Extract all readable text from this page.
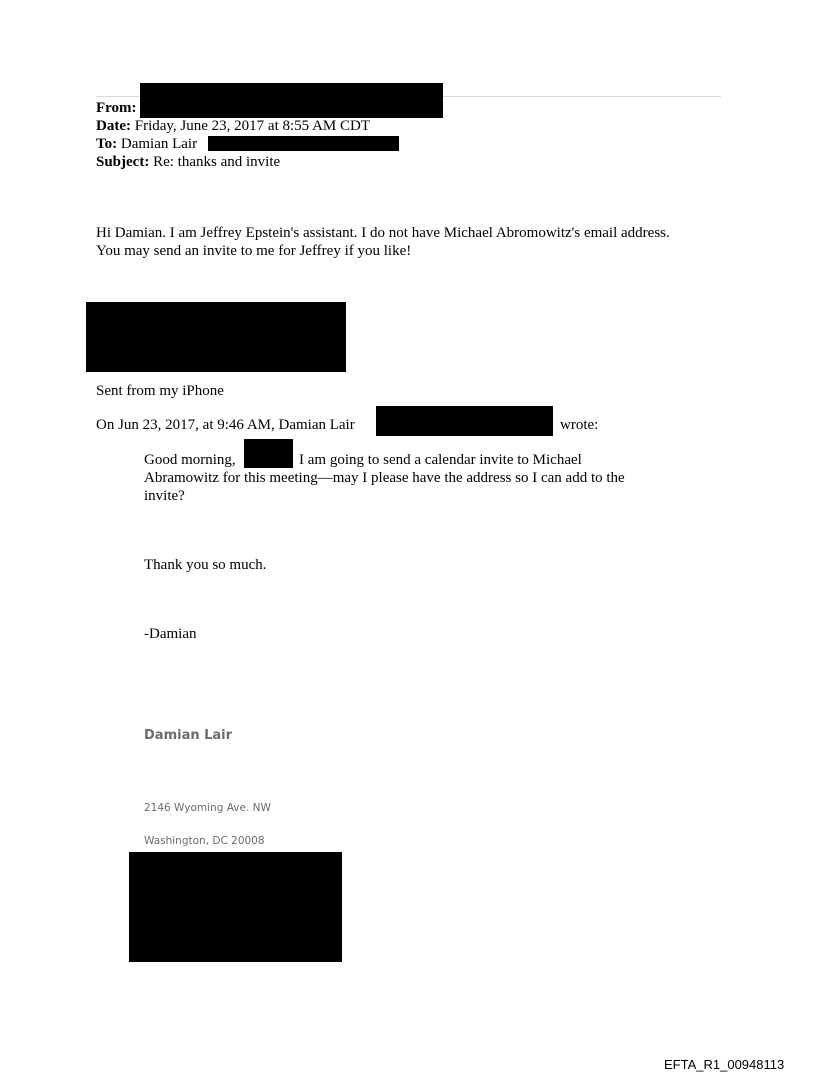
From:
Date: Friday, June 23, 2017 at 8:55 AM CDT
To: Damian Lair
Subject: Re: thanks and invite
Hi Damian. I am Jeffrey Epstein's assistant. I do not have Michael Abromowitz's email address.
You may send an invite to me for Jeffrey if you like!
Sent from my iPhone
On Jun 23, 2017, at 9:46 AM, Damian Lair	wrote:
Good morning,	I am going to send a calendar invite to Michael
Abramowitz for this meeting—may I please have the address so I can add to the
invite?
Thank you so much.
-Damian
Damian Lair
2146 Wyoming Ave. NW
Washington, DC 20008
EFTA_R1_00948113
